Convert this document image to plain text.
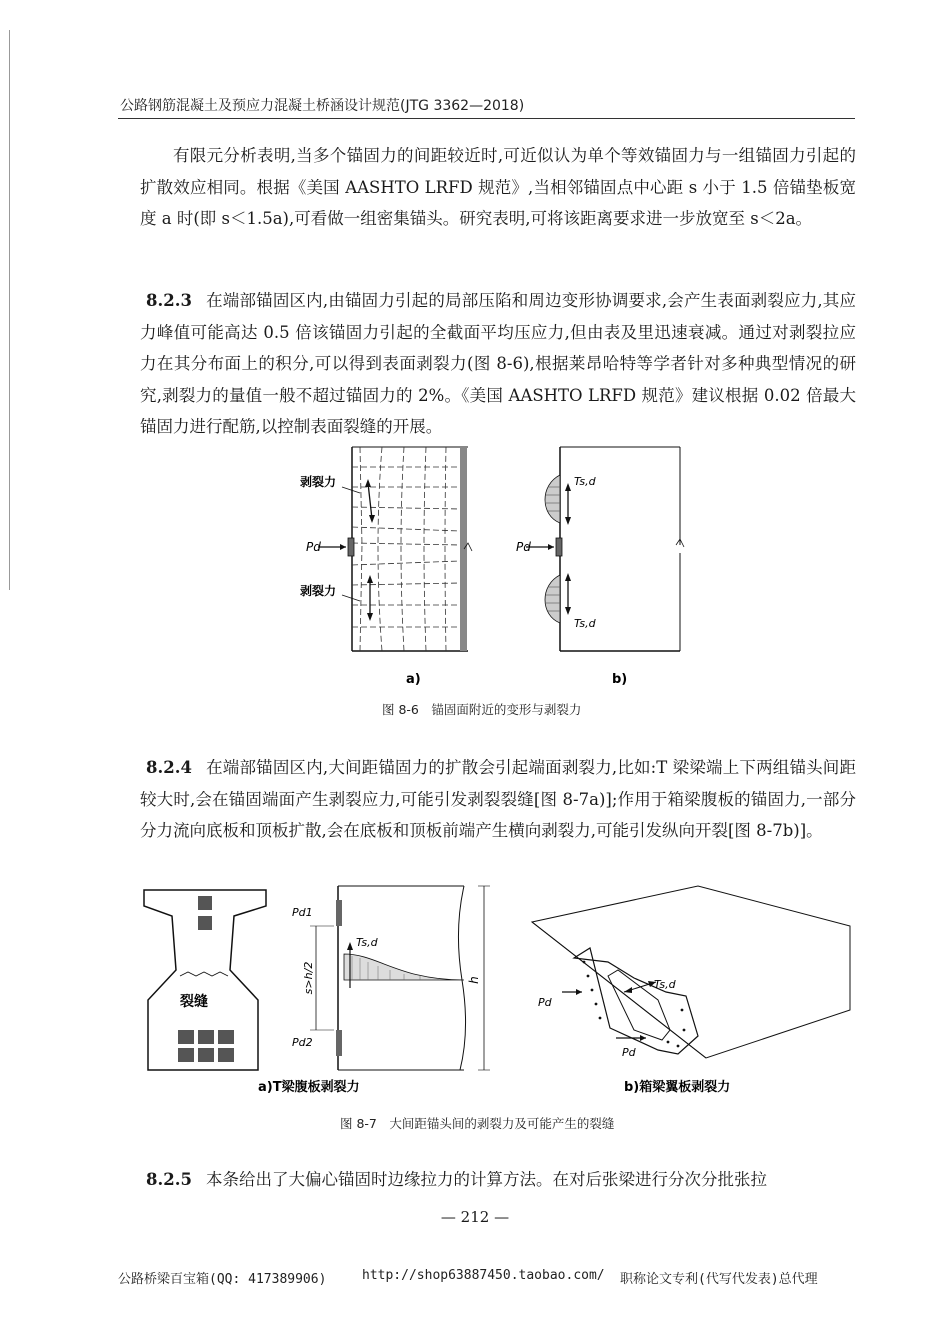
公路钢筋混凝土及预应力混凝土桥涵设计规范(JTG 3362—2018)

有限元分析表明,当多个锚固力的间距较近时,可近似认为单个等效锚固力与一组锚固力引起的扩散效应相同。根据《美国 AASHTO LRFD 规范》,当相邻锚固点中心距 s 小于 1.5 倍锚垫板宽度 a 时(即 s＜1.5a),可看做一组密集锚头。研究表明,可将该距离要求进一步放宽至 s＜2a。

8.2.3 在端部锚固区内,由锚固力引起的局部压陷和周边变形协调要求,会产生表面剥裂应力,其应力峰值可能高达 0.5 倍该锚固力引起的全截面平均压应力,但由表及里迅速衰减。通过对剥裂拉应力在其分布面上的积分,可以得到表面剥裂力(图 8-6),根据莱昂哈特等学者针对多种典型情况的研究,剥裂力的量值一般不超过锚固力的 2%。《美国 AASHTO LRFD 规范》建议根据 0.02 倍最大锚固力进行配筋,以控制表面裂缝的开展。

剥裂力
Pd
剥裂力
a)
Ts,d
Pd
Ts,d
b)
图 8-6　锚固面附近的变形与剥裂力

8.2.4 在端部锚固区内,大间距锚固力的扩散会引起端面剥裂力,比如:T 梁梁端上下两组锚头间距较大时,会在锚固端面产生剥裂应力,可能引发剥裂裂缝[图 8-7a)];作用于箱梁腹板的锚固力,一部分分力流向底板和顶板扩散,会在底板和顶板前端产生横向剥裂力,可能引发纵向开裂[图 8-7b)]。

裂缝
Pd1
Pd2
Ts,d
s>h/2	h
a)T梁腹板剥裂力
Ts,d
Pd
Pd
b)箱梁翼板剥裂力
图 8-7　大间距锚头间的剥裂力及可能产生的裂缝

8.2.5 本条给出了大偏心锚固时边缘拉力的计算方法。在对后张梁进行分次分批张拉

— 212 —
公路桥梁百宝箱(QQ: 417389906)	http://shop63887450.taobao.com/ 职称论文专利(代写代发表)总代理
